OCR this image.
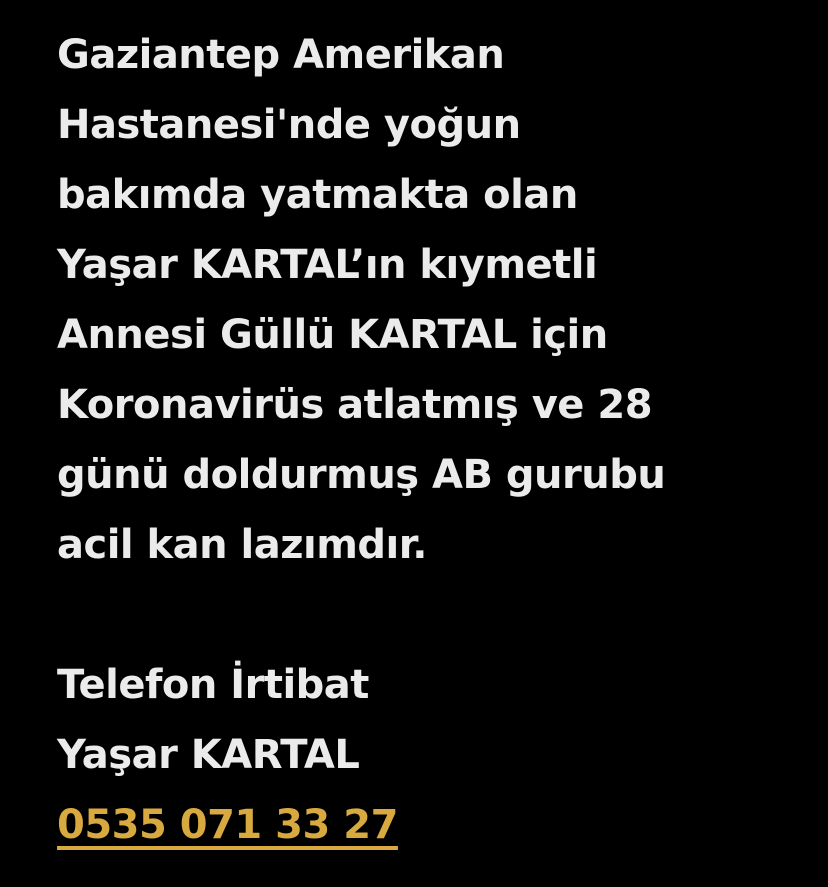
Gaziantep Amerikan
Hastanesi'nde yoğun
bakımda yatmakta olan
Yaşar KARTAL’ın kıymetli
Annesi Güllü KARTAL için
Koronavirüs atlatmış ve 28
günü doldurmuş AB gurubu
acil kan lazımdır.
Telefon İrtibat
Yaşar KARTAL
0535 071 33 27
